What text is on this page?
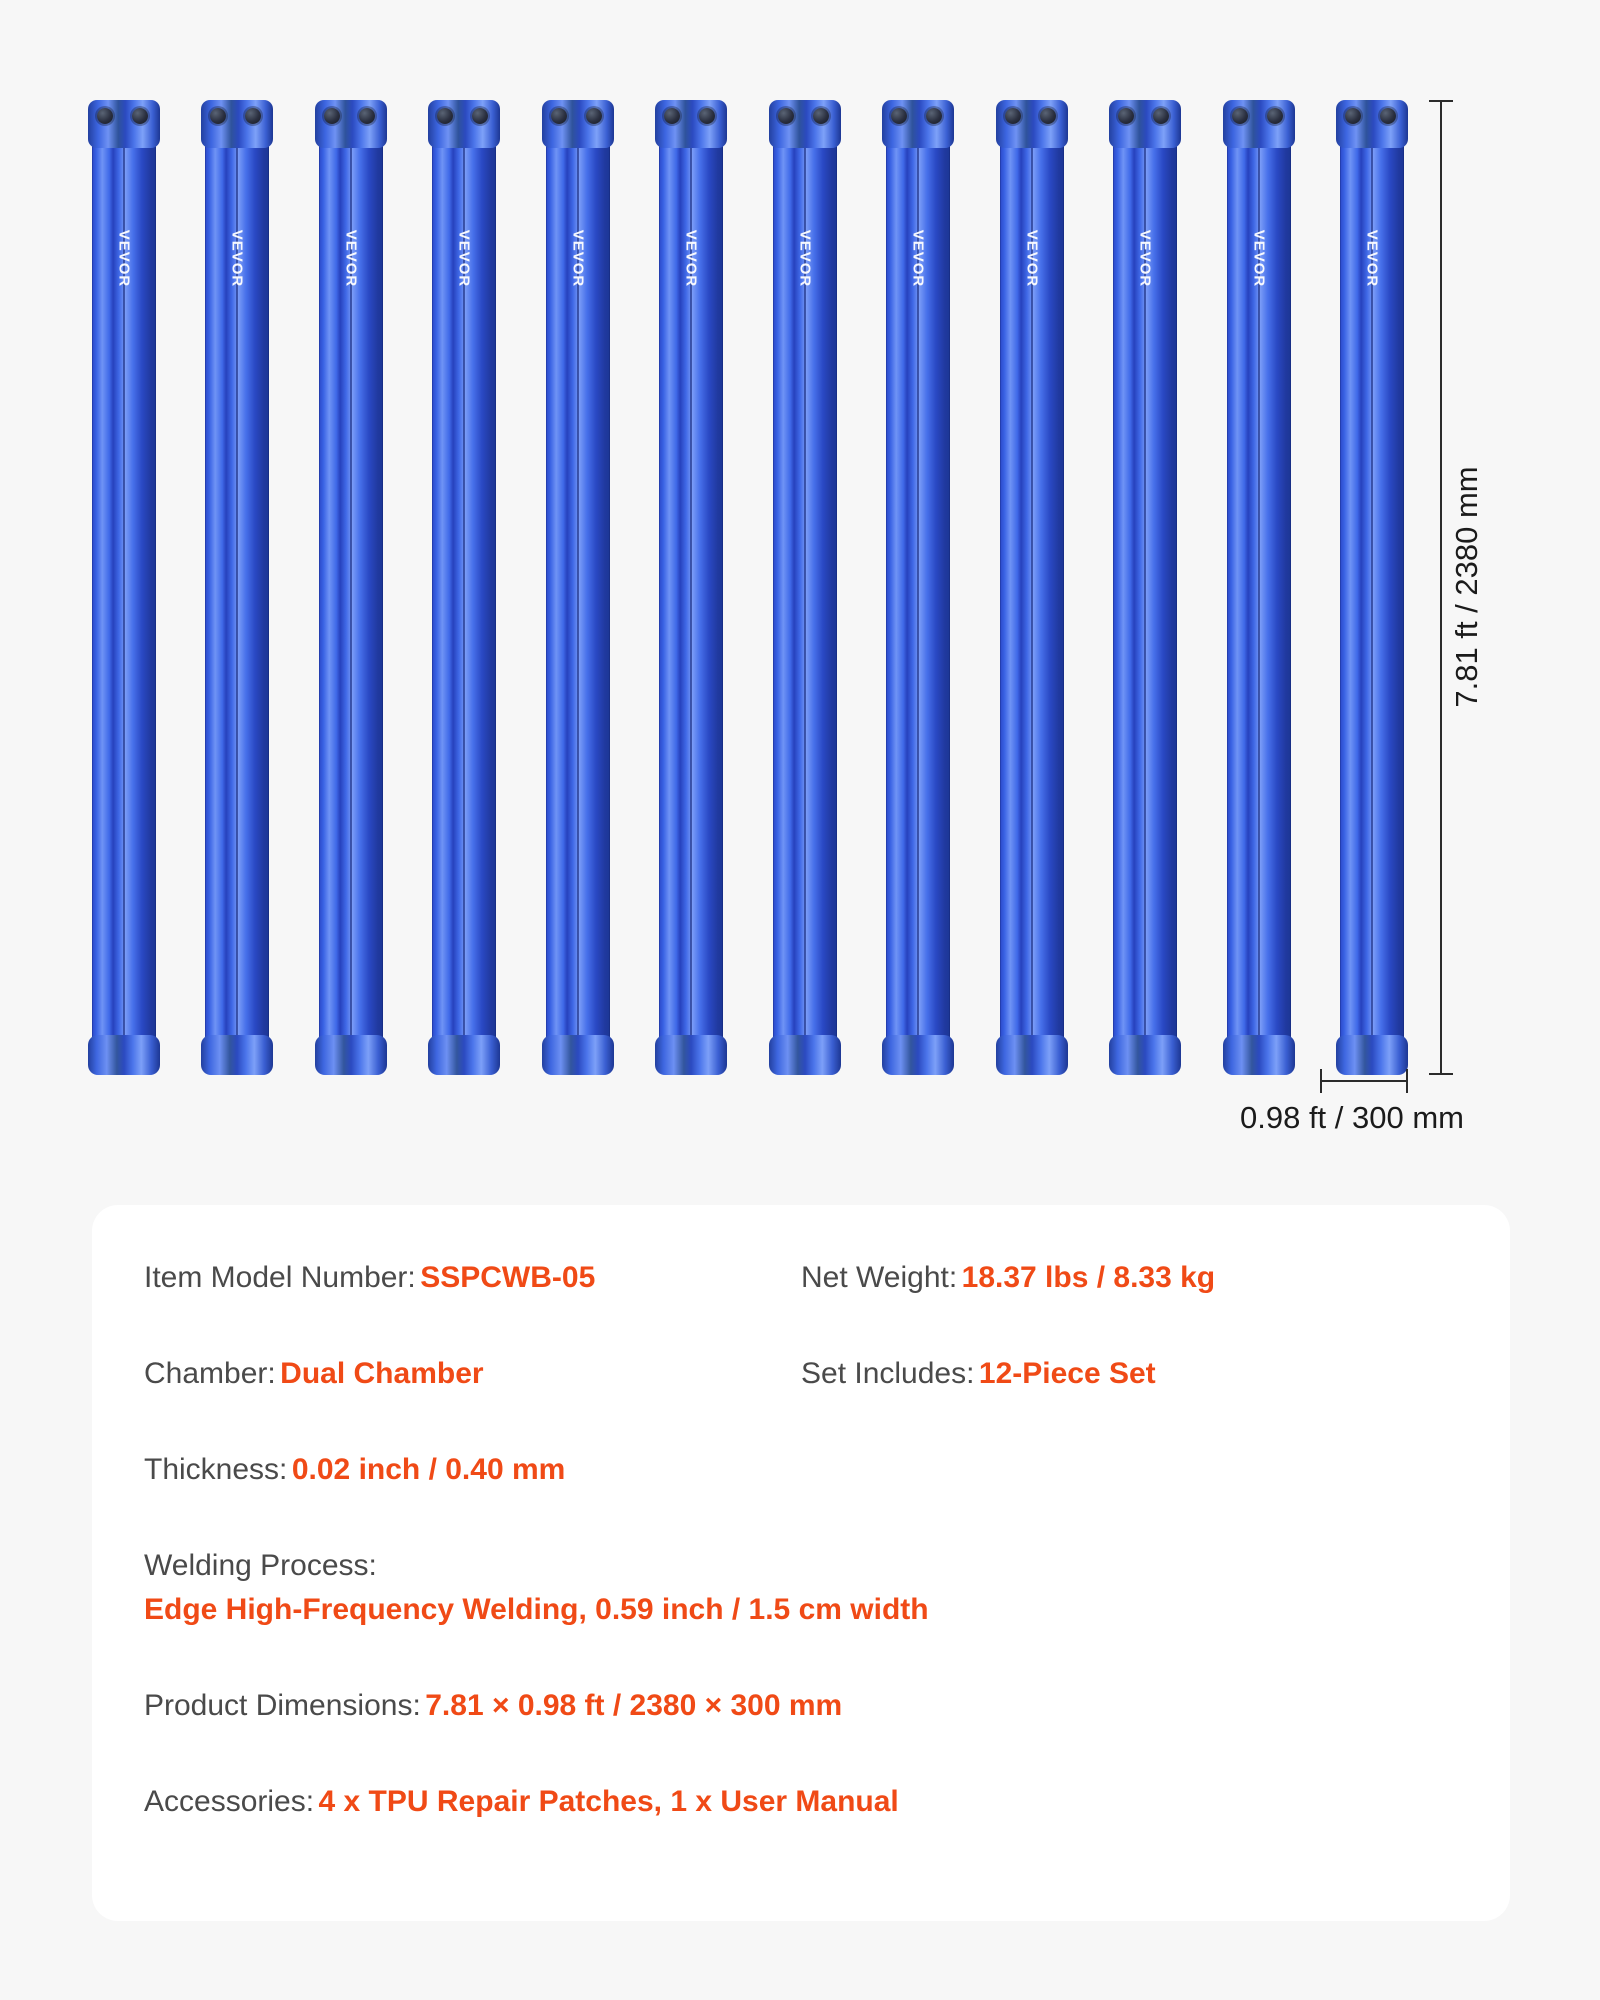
VEVOR	VEVOR	VEVOR	VEVOR	VEVOR	VEVOR	VEVOR	VEVOR	VEVOR	VEVOR	VEVOR	VEVOR
7.81 ft / 2380 mm
0.98 ft / 300 mm
Item Model Number: SSPCWB-05	Net Weight: 18.37 lbs / 8.33 kg
Chamber: Dual Chamber	Set Includes: 12-Piece Set
Thickness: 0.02 inch / 0.40 mm
Welding Process:
Edge High-Frequency Welding, 0.59 inch / 1.5 cm width
Product Dimensions: 7.81 × 0.98 ft / 2380 × 300 mm
Accessories: 4 x TPU Repair Patches, 1 x User Manual
